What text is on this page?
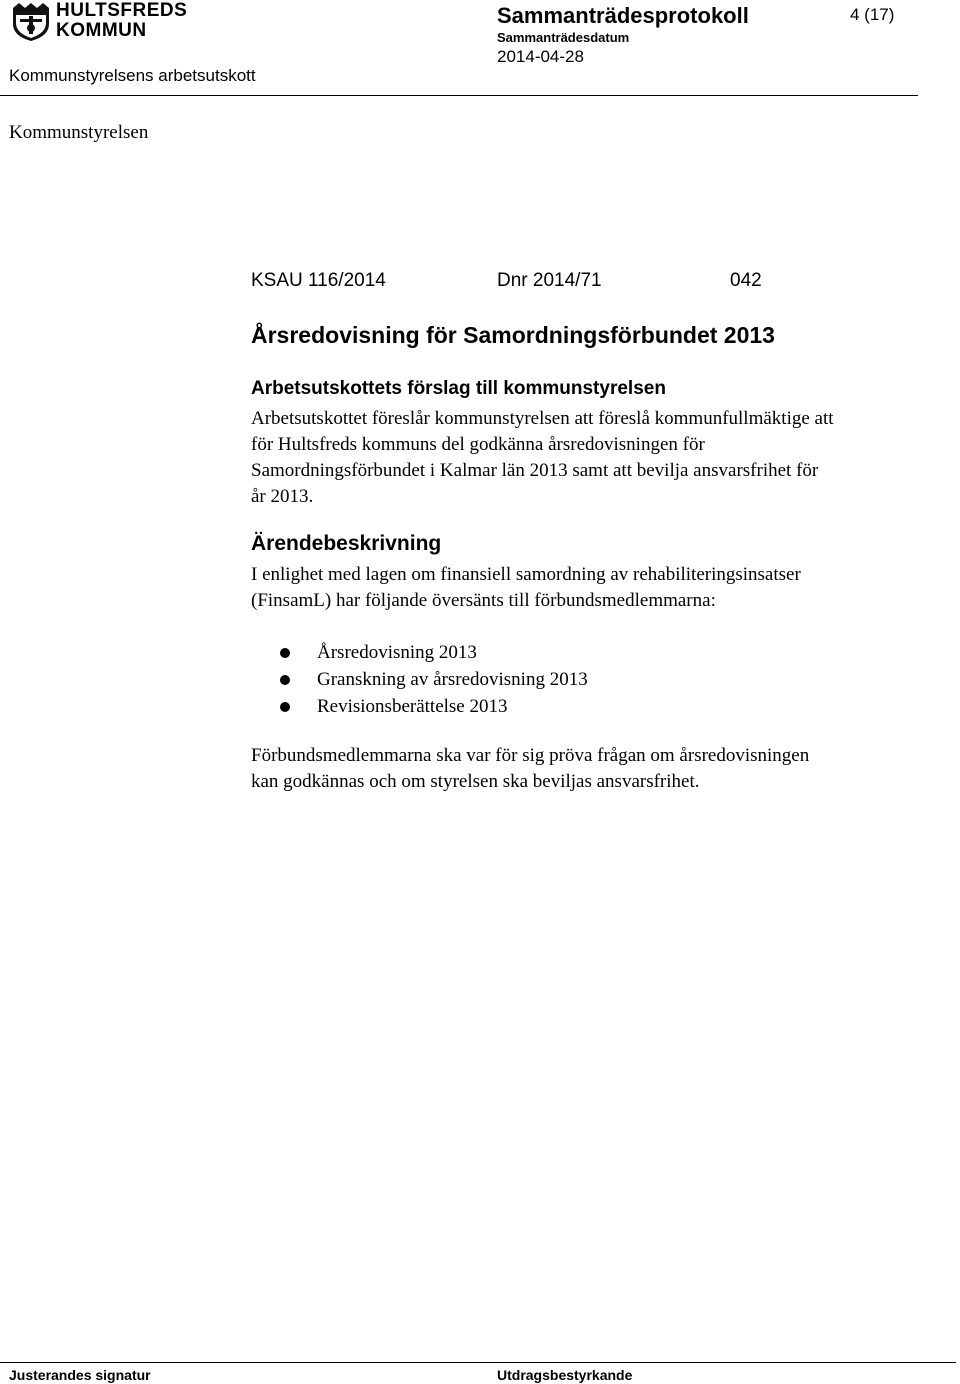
HULTSFREDS
KOMMUN
Kommunstyrelsens arbetsutskott
Sammanträdesprotokoll
Sammanträdesdatum
2014-04-28
4 (17)
Kommunstyrelsen
KSAU 116/2014	Dnr 2014/71	042
Årsredovisning för Samordningsförbundet 2013
Arbetsutskottets förslag till kommunstyrelsen
Arbetsutskottet föreslår kommunstyrelsen att föreslå kommunfullmäktige att
för Hultsfreds kommuns del godkänna årsredovisningen för
Samordningsförbundet i Kalmar län 2013 samt att bevilja ansvarsfrihet för
år 2013.
Ärendebeskrivning
I enlighet med lagen om finansiell samordning av rehabiliteringsinsatser
(FinsamL) har följande översänts till förbundsmedlemmarna:
Årsredovisning 2013
Granskning av årsredovisning 2013
Revisionsberättelse 2013
Förbundsmedlemmarna ska var för sig pröva frågan om årsredovisningen
kan godkännas och om styrelsen ska beviljas ansvarsfrihet.
Justerandes signatur	Utdragsbestyrkande
